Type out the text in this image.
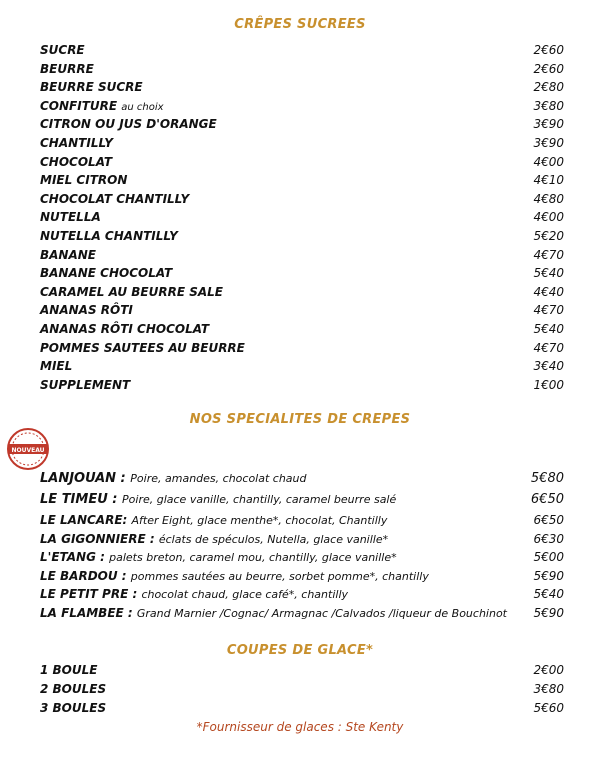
CRÊPES SUCREES
SUCRE	2€60
BEURRE	2€60
BEURRE SUCRE	2€80
CONFITURE au choix	3€80
CITRON OU JUS D'ORANGE	3€90
CHANTILLY	3€90
CHOCOLAT	4€00
MIEL CITRON	4€10
CHOCOLAT CHANTILLY	4€80
NUTELLA	4€00
NUTELLA CHANTILLY	5€20
BANANE	4€70
BANANE CHOCOLAT	5€40
CARAMEL AU BEURRE SALE	4€40
ANANAS RÔTI	4€70
ANANAS RÔTI CHOCOLAT	5€40
POMMES SAUTEES AU BEURRE	4€70
MIEL	3€40
SUPPLEMENT	1€00
NOS SPECIALITES DE CREPES
NOUVEAU
LANJOUAN : Poire, amandes, chocolat chaud	5€80
LE TIMEU : Poire, glace vanille, chantilly, caramel beurre salé	6€50
LE LANCARE: After Eight, glace menthe*, chocolat, Chantilly	6€50
LA GIGONNIERE : éclats de spéculos, Nutella, glace vanille*	6€30
L'ETANG : palets breton, caramel mou, chantilly, glace vanille*	5€00
LE BARDOU : pommes sautées au beurre, sorbet pomme*, chantilly	5€90
LE PETIT PRE : chocolat chaud, glace café*, chantilly	5€40
LA FLAMBEE : Grand Marnier /Cognac/ Armagnac /Calvados /liqueur de Bouchinot 5€90
COUPES DE GLACE*
1 BOULE	2€00
2 BOULES	3€80
3 BOULES	5€60
*Fournisseur de glaces : Ste Kenty
